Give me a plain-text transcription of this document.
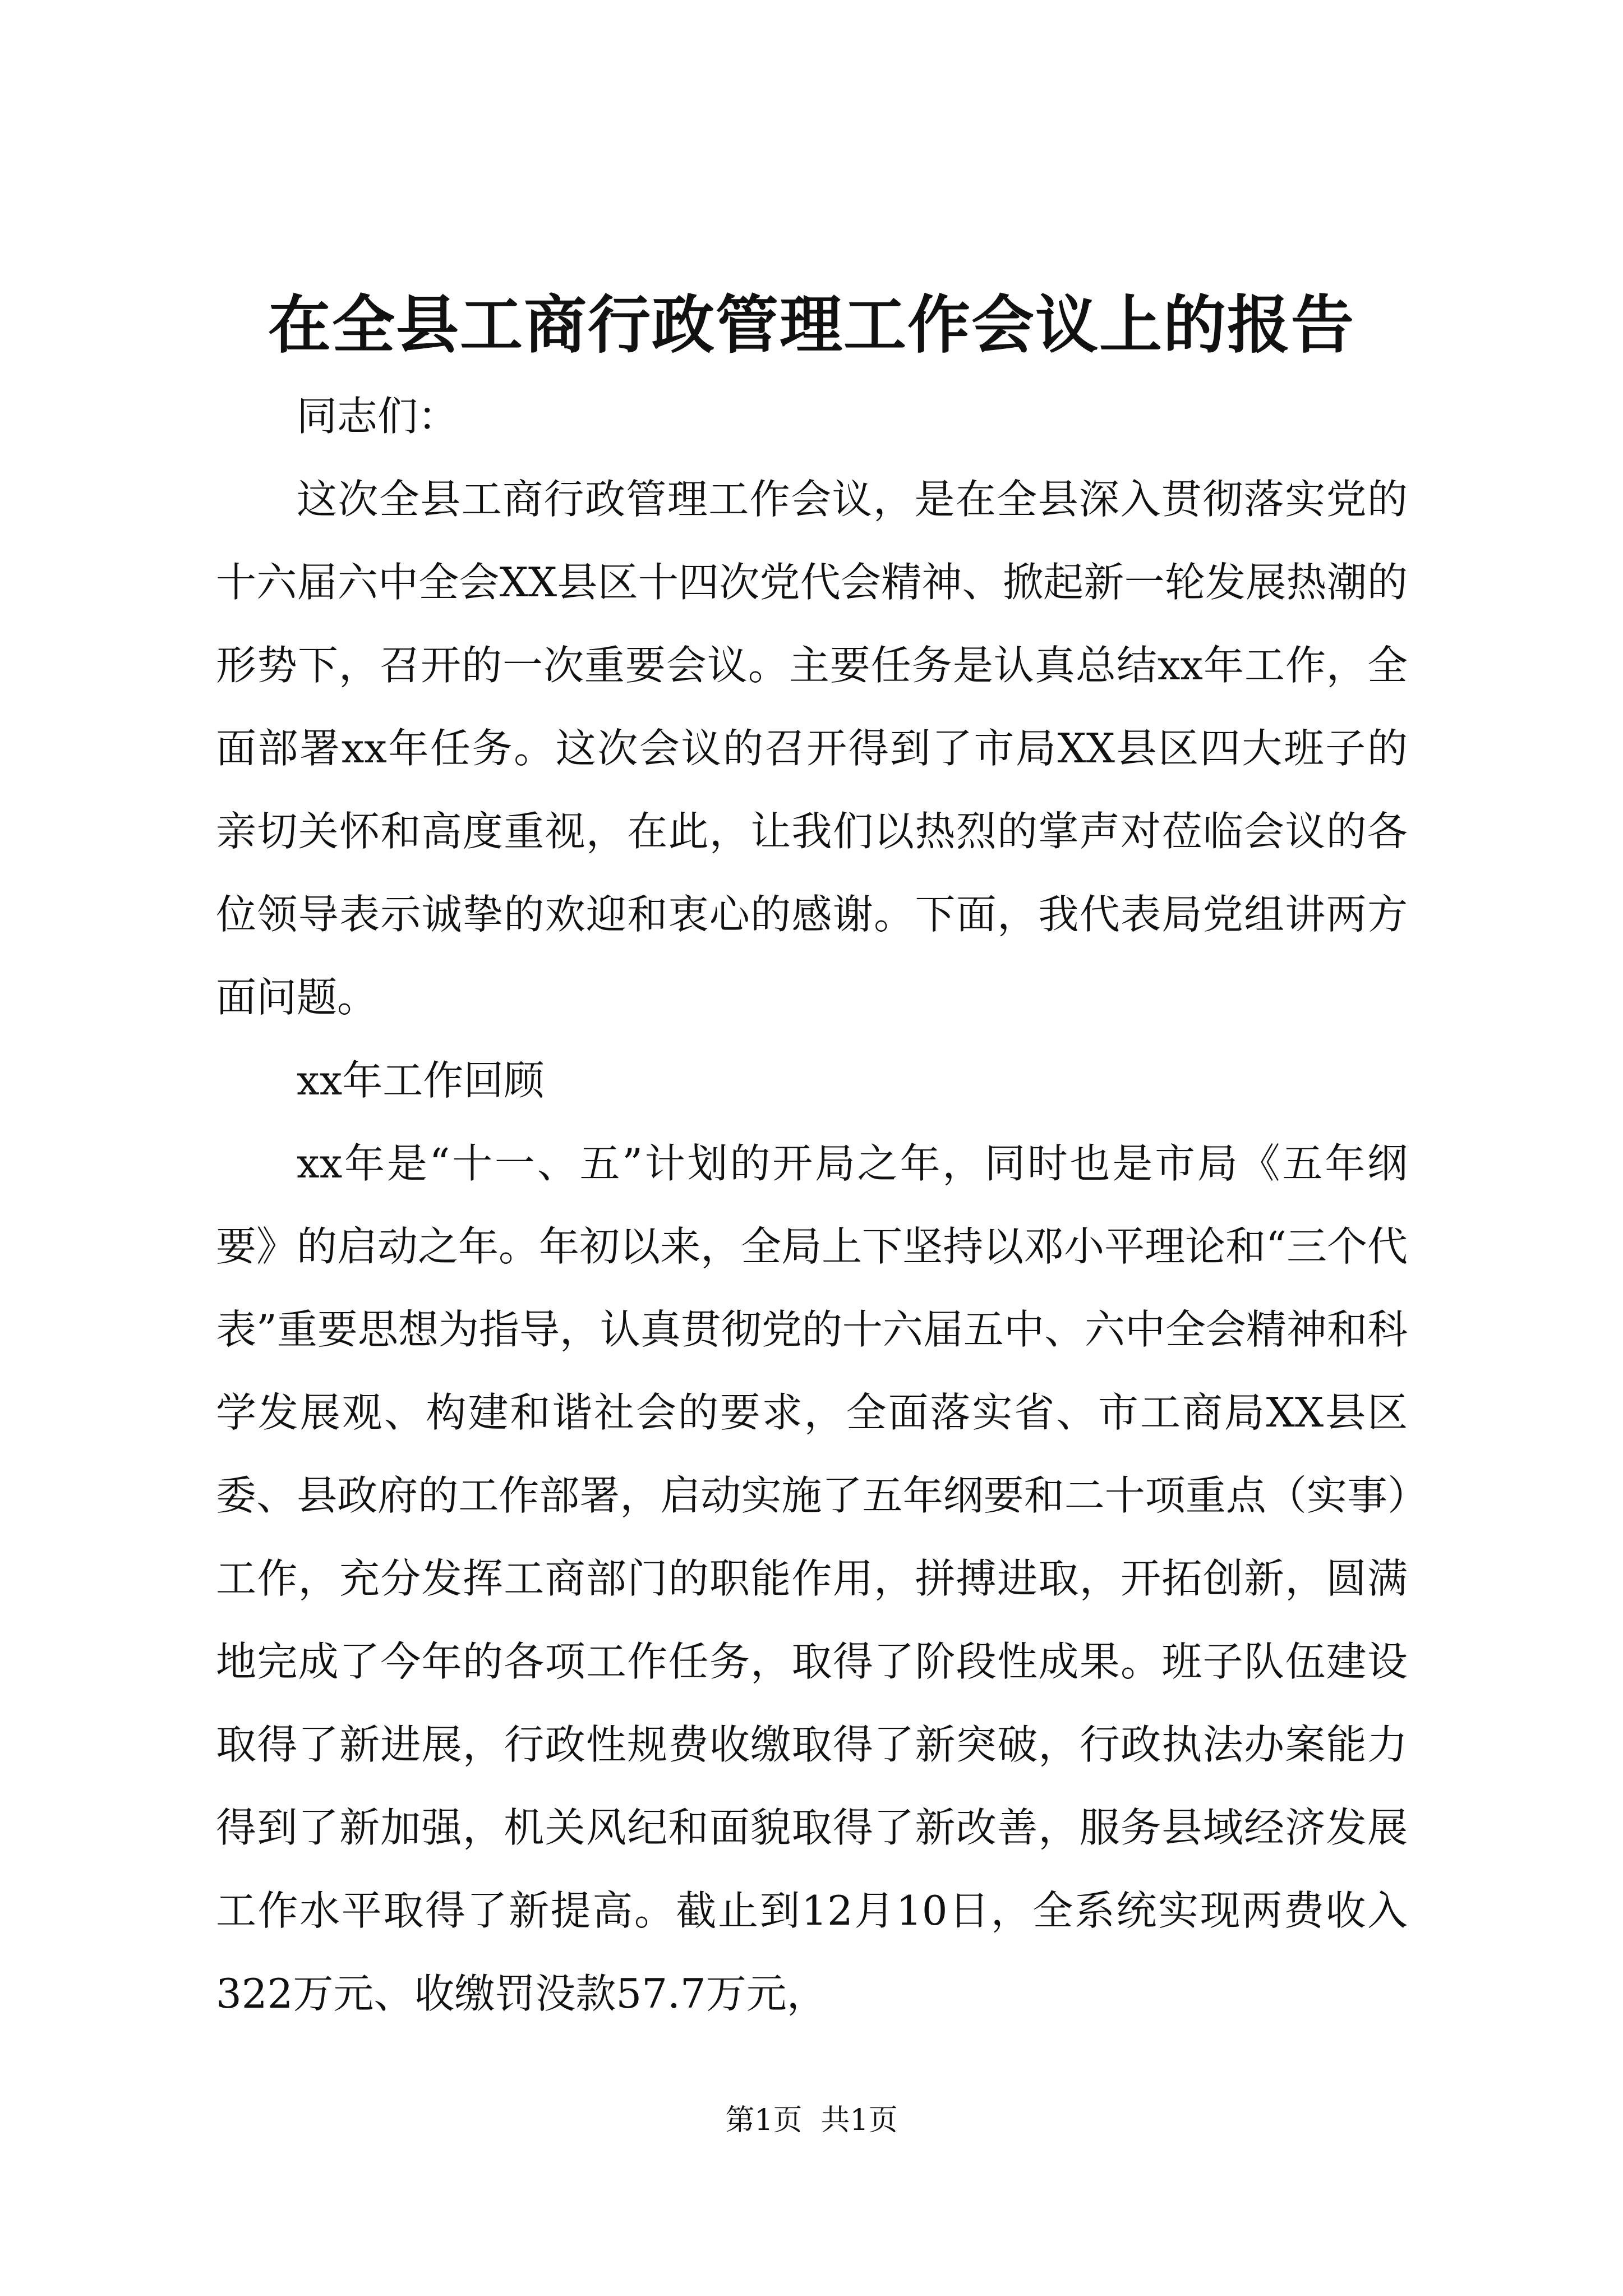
在全县工商行政管理工作会议上的报告

同志们：

这次全县工商行政管理工作会议，是在全县深入贯彻落实党的十六届六中全会XX县区十四次党代会精神、掀起新一轮发展热潮的形势下，召开的一次重要会议。主要任务是认真总结xx年工作，全面部署xx年任务。这次会议的召开得到了市局XX县区四大班子的亲切关怀和高度重视，在此，让我们以热烈的掌声对莅临会议的各位领导表示诚挚的欢迎和衷心的感谢。下面，我代表局党组讲两方面问题。

xx年工作回顾

xx年是“十一、五”计划的开局之年，同时也是市局《五年纲要》的启动之年。年初以来，全局上下坚持以邓小平理论和“三个代表”重要思想为指导，认真贯彻党的十六届五中、六中全会精神和科学发展观、构建和谐社会的要求，全面落实省、市工商局XX县区委、县政府的工作部署，启动实施了五年纲要和二十项重点（实事）工作，充分发挥工商部门的职能作用，拼搏进取，开拓创新，圆满地完成了今年的各项工作任务，取得了阶段性成果。班子队伍建设取得了新进展，行政性规费收缴取得了新突破，行政执法办案能力得到了新加强，机关风纪和面貌取得了新改善，服务县域经济发展工作水平取得了新提高。截止到12月10日，全系统实现两费收入322万元、收缴罚没款57.7万元，

第1页  共1页
